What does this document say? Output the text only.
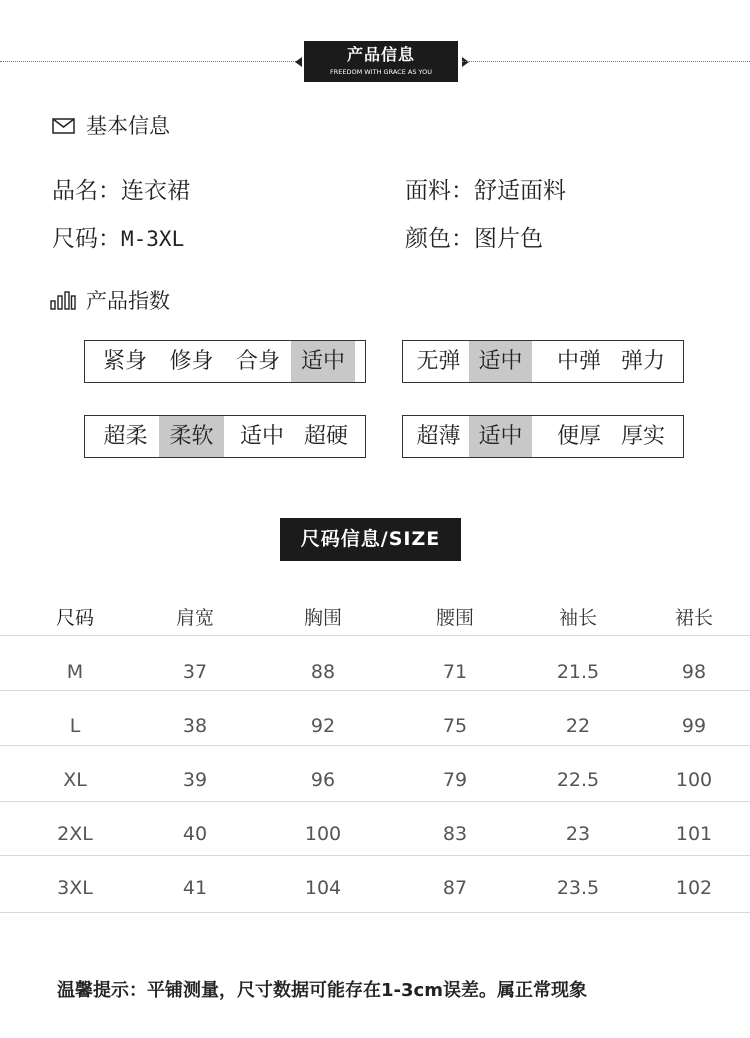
产品信息
FREEDOM WITH GRACE AS YOU
基本信息
品名：连衣裙	面料：舒适面料
尺码：M-3XL	颜色：图片色
产品指数
紧身	修身	合身 适中	无弹 适中	中弹 弹力
超柔 柔软	适中 超硬	超薄 适中	便厚 厚实
尺码信息/SIZE
尺码	肩宽	胸围	腰围	袖长	裙长
M	37	88	71	21.5	98
L	38	92	75	22	99
XL	39	96	79	22.5	100
2XL	40	100	83	23	101
3XL	41	104	87	23.5	102
温馨提示：平铺测量，尺寸数据可能存在1-3cm误差。属正常现象
